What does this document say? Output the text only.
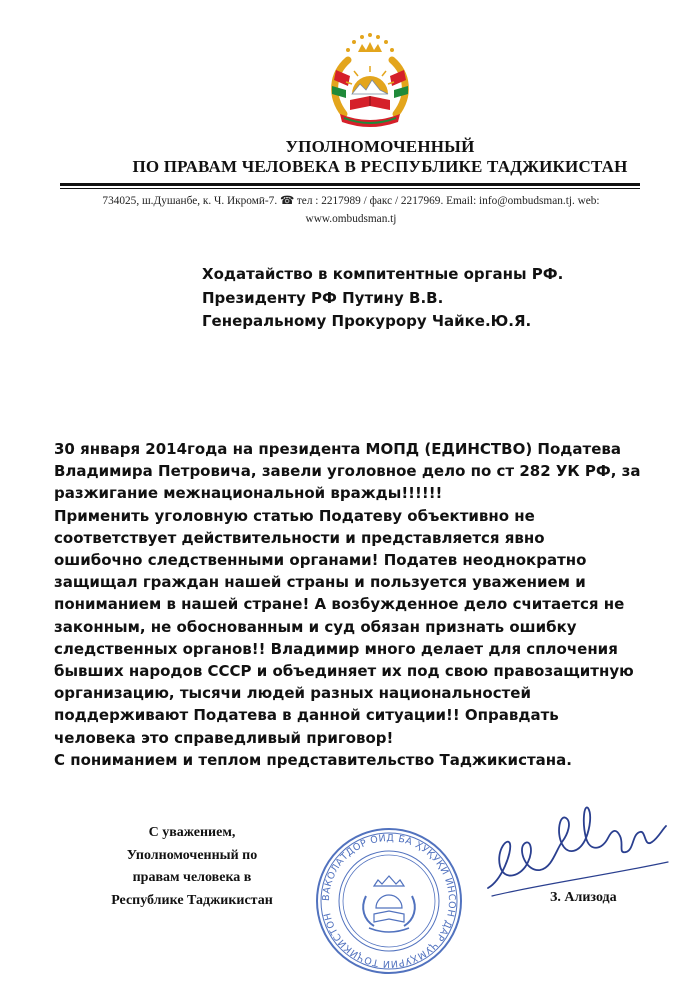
УПОЛНОМОЧЕННЫЙ
ПО ПРАВАМ ЧЕЛОВЕКА В РЕСПУБЛИКЕ ТАДЖИКИСТАН
734025, ш.Душанбе, к. Ч. Икромӣ-7. ☎ тел : 2217989 / факс / 2217969. Email: info@ombudsman.tj. web:
www.ombudsman.tj
Ходатайство в компитентные органы РФ.
Президенту РФ Путину В.В.
Генеральному Прокурору Чайке.Ю.Я.
30 января 2014года на президента МОПД (ЕДИНСТВО) Податева
Владимира Петровича, завели уголовное дело по ст 282 УК РФ, за
разжигание межнациональной вражды!!!!!!
Применить уголовную статью Податеву объективно не
соответствует действительности и представляется явно
ошибочно следственными органами! Податев неоднократно
защищал граждан нашей страны и пользуется уважением и
пониманием в нашей стране! А возбужденное дело считается не
законным, не обоснованным и суд обязан признать ошибку
следственных органов!! Владимир много делает для сплочения
бывших народов СССР и объединяет их под свою правозащитную
организацию, тысячи людей разных национальностей
поддерживают Податева в данной ситуации!! Оправдать
человека это справедливый приговор!
С пониманием и теплом представительство Таджикистана.
С уважением,
Уполномоченный по
правам человека в
Республике Таджикистан	ВАКОЛАТДОР ОИД БА ҲУҚУҚИ ИНСОН ДАР ҶУМҲУРИИ ТОҶИКИСТОН
З. Ализода
